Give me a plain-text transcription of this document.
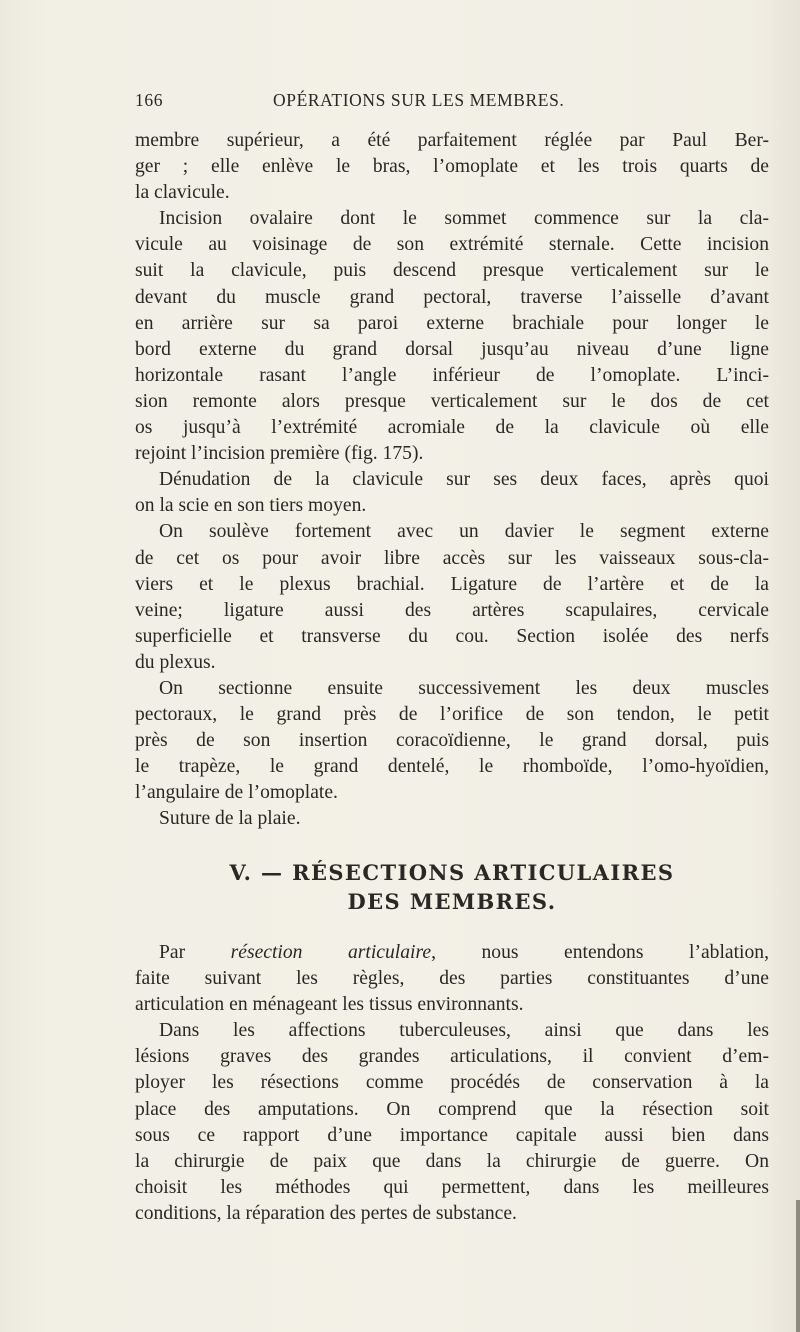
166	OPÉRATIONS SUR LES MEMBRES.
membre supérieur, a été parfaitement réglée par Paul Ber-
ger ; elle enlève le bras, l’omoplate et les trois quarts de
la clavicule.
Incision ovalaire dont le sommet commence sur la cla-
vicule au voisinage de son extrémité sternale. Cette incision
suit la clavicule, puis descend presque verticalement sur le
devant du muscle grand pectoral, traverse l’aisselle d’avant
en arrière sur sa paroi externe brachiale pour longer le
bord externe du grand dorsal jusqu’au niveau d’une ligne
horizontale rasant l’angle inférieur de l’omoplate. L’inci-
sion remonte alors presque verticalement sur le dos de cet
os jusqu’à l’extrémité acromiale de la clavicule où elle
rejoint l’incision première (fig. 175).
Dénudation de la clavicule sur ses deux faces, après quoi
on la scie en son tiers moyen.
On soulève fortement avec un davier le segment externe
de cet os pour avoir libre accès sur les vaisseaux sous-cla-
viers et le plexus brachial. Ligature de l’artère et de la
veine; ligature aussi des artères scapulaires, cervicale
superficielle et transverse du cou. Section isolée des nerfs
du plexus.
On sectionne ensuite successivement les deux muscles
pectoraux, le grand près de l’orifice de son tendon, le petit
près de son insertion coracoïdienne, le grand dorsal, puis
le trapèze, le grand dentelé, le rhomboïde, l’omo-hyoïdien,
l’angulaire de l’omoplate.
Suture de la plaie.
V. — RÉSECTIONS ARTICULAIRES
DES MEMBRES.
Par résection articulaire, nous entendons l’ablation,
faite suivant les règles, des parties constituantes d’une
articulation en ménageant les tissus environnants.
Dans les affections tuberculeuses, ainsi que dans les
lésions graves des grandes articulations, il convient d’em-
ployer les résections comme procédés de conservation à la
place des amputations. On comprend que la résection soit
sous ce rapport d’une importance capitale aussi bien dans
la chirurgie de paix que dans la chirurgie de guerre. On
choisit les méthodes qui permettent, dans les meilleures
conditions, la réparation des pertes de substance.
